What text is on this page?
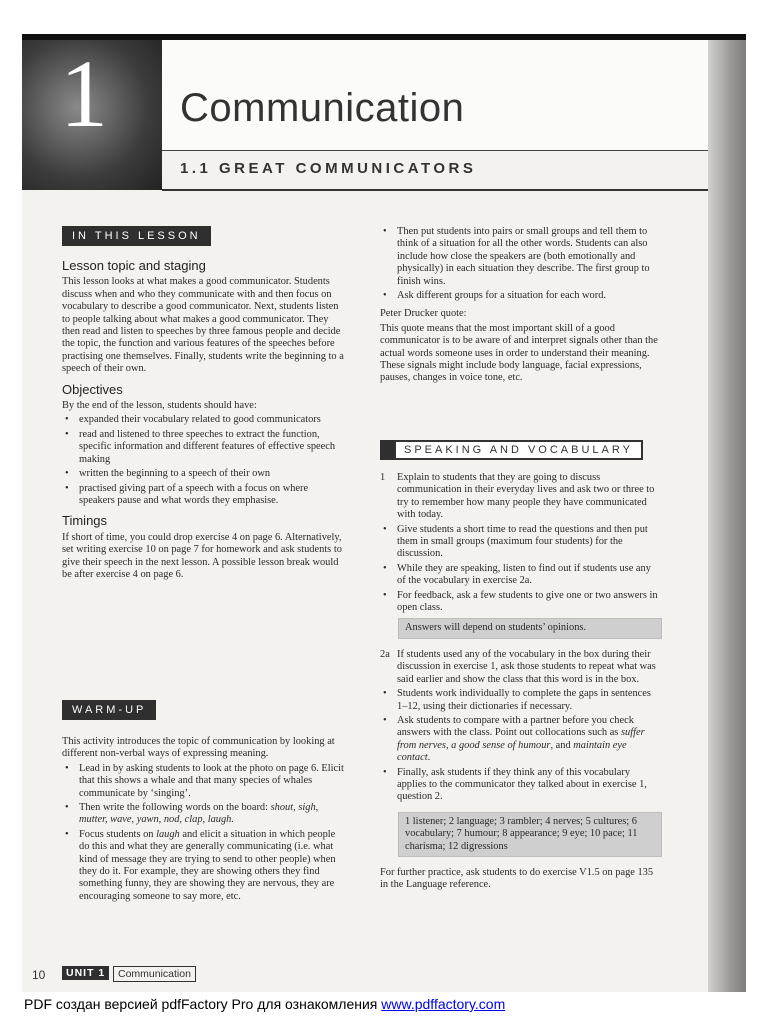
1 Communication
1.1 GREAT COMMUNICATORS
IN THIS LESSON
Lesson topic and staging

This lesson looks at what makes a good communicator. Students discuss when and who they communicate with and then focus on vocabulary to describe a good communicator. Next, students listen to people talking about what makes a good communicator. They then read and listen to speeches by three famous people and decide the topic, the function and various features of the speeches before practising one themselves. Finally, students write the beginning to a speech of their own.

Objectives

By the end of the lesson, students should have:

• expanded their vocabulary related to good communicators
• read and listened to three speeches to extract the function, specific information and different features of effective speech making
• written the beginning to a speech of their own
• practised giving part of a speech with a focus on where speakers pause and what words they emphasise.
Timings

If short of time, you could drop exercise 4 on page 6. Alternatively, set writing exercise 10 on page 7 for homework and ask students to give their speech in the next lesson. A possible lesson break would be after exercise 4 on page 6.

WARM-UP

This activity introduces the topic of communication by looking at different non-verbal ways of expressing meaning.

• Lead in by asking students to look at the photo on page 6. Elicit that this shows a whale and that many species of whales communicate by ‘singing’.
• Then write the following words on the board: shout, sigh, mutter, wave, yawn, nod, clap, laugh.
• Focus students on laugh and elicit a situation in which people do this and what they are generally communicating (i.e. what kind of message they are trying to send to other people) when they do it. For example, they are showing others they find something funny, they are showing they are nervous, they are encouraging someone to say more, etc.
• Then put students into pairs or small groups and tell them to think of a situation for all the other words. Students can also include how close the speakers are (both emotionally and physically) in each situation they describe. The first group to finish wins.
• Ask different groups for a situation for each word.

Peter Drucker quote:

This quote means that the most important skill of a good communicator is to be aware of and interpret signals other than the actual words someone uses in order to understand their meaning. These signals might include body language, facial expressions, pauses, changes in voice tone, etc.

SPEAKING AND VOCABULARY
1 Explain to students that they are going to discuss communication in their everyday lives and ask two or three to try to remember how many people they have communicated with today.
• Give students a short time to read the questions and then put them in small groups (maximum four students) for the discussion.
• While they are speaking, listen to find out if students use any of the vocabulary in exercise 2a.
• For feedback, ask a few students to give one or two answers in open class.
Answers will depend on students’ opinions.
2a If students used any of the vocabulary in the box during their discussion in exercise 1, ask those students to repeat what was said earlier and show the class that this word is in the box.
• Students work individually to complete the gaps in sentences 1–12, using their dictionaries if necessary.
• Ask students to compare with a partner before you check answers with the class. Point out collocations such as suffer from nerves, a good sense of humour, and maintain eye contact.
• Finally, ask students if they think any of this vocabulary applies to the communicator they talked about in exercise 1, question 2.
1 listener; 2 language; 3 rambler; 4 nerves; 5 cultures; 6 vocabulary; 7 humour; 8 appearance; 9 eye; 10 pace; 11 charisma; 12 digressions

For further practice, ask students to do exercise V1.5 on page 135 in the Language reference.

10	UNIT 1	Communication
PDF создан версией pdfFactory Pro для ознакомления www.pdffactory.com
